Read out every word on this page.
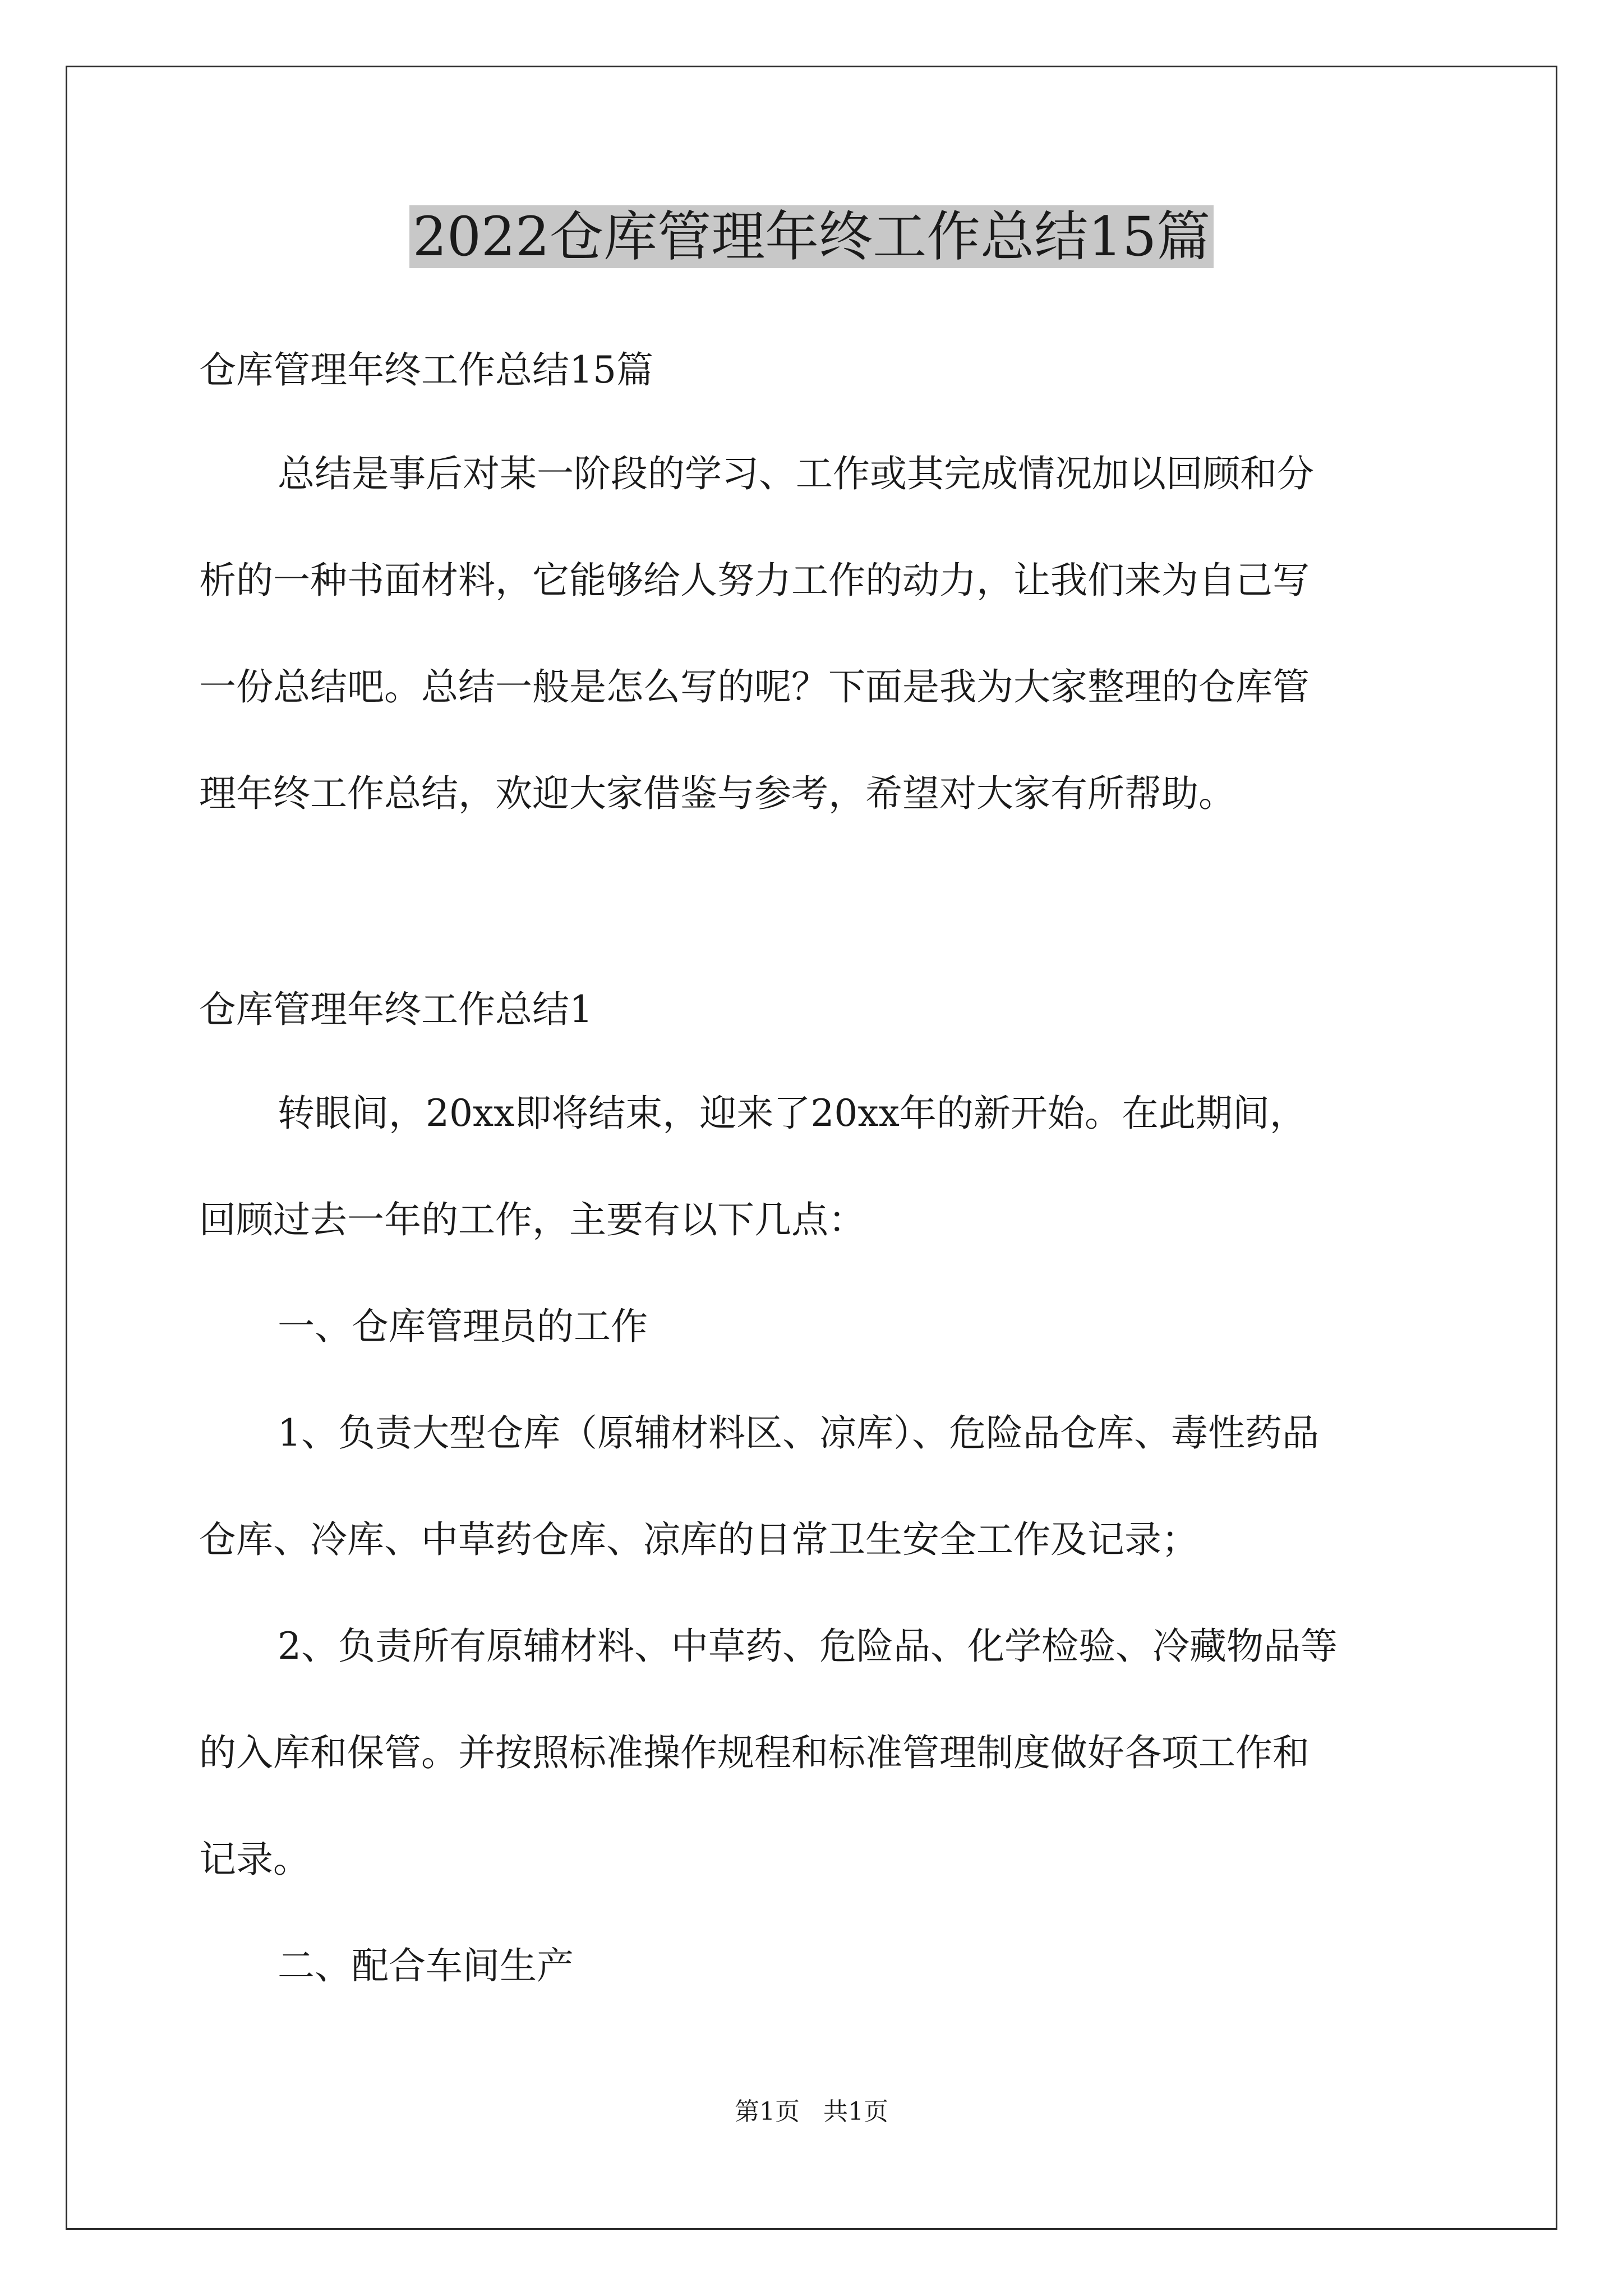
2022仓库管理年终工作总结15篇

仓库管理年终工作总结15篇

总结是事后对某一阶段的学习、工作或其完成情况加以回顾和分

析的一种书面材料，它能够给人努力工作的动力，让我们来为自己写

一份总结吧。总结一般是怎么写的呢？下面是我为大家整理的仓库管

理年终工作总结，欢迎大家借鉴与参考，希望对大家有所帮助。

仓库管理年终工作总结1

转眼间，20xx即将结束，迎来了20xx年的新开始。在此期间，

回顾过去一年的工作，主要有以下几点：

一、仓库管理员的工作

1、负责大型仓库（原辅材料区、凉库）、危险品仓库、毒性药品

仓库、冷库、中草药仓库、凉库的日常卫生安全工作及记录；

2、负责所有原辅材料、中草药、危险品、化学检验、冷藏物品等

的入库和保管。并按照标准操作规程和标准管理制度做好各项工作和

记录。

二、配合车间生产

第1页 共1页
